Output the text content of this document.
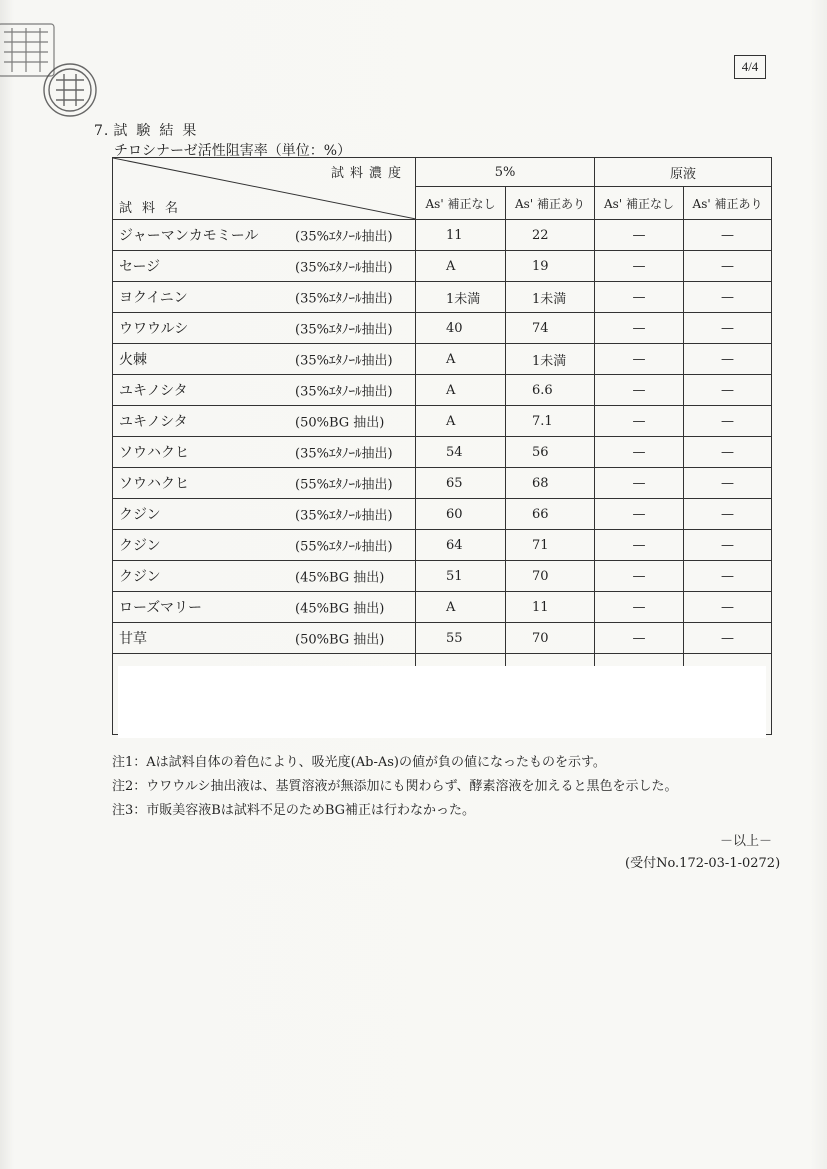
4/4
7. 試験結果
チロシナーゼ活性阻害率（単位：%）
試料濃度
試料名	5%		原液	
	As' 補正なし	As' 補正あり	As' 補正なし	As' 補正あり

ジャーマンカモミール (35%ｴﾀﾉｰﾙ抽出)	11	22	—	—

セージ (35%ｴﾀﾉｰﾙ抽出)	A	19	—	—

ヨクイニン (35%ｴﾀﾉｰﾙ抽出)	1未満	1未満	—	—

ウワウルシ (35%ｴﾀﾉｰﾙ抽出)	40	74	—	—

火棘 (35%ｴﾀﾉｰﾙ抽出)	A	1未満	—	—

ユキノシタ (35%ｴﾀﾉｰﾙ抽出)	A	6.6	—	—

ユキノシタ (50%BG 抽出)	A	7.1	—	—

ソウハクヒ (35%ｴﾀﾉｰﾙ抽出)	54	56	—	—

ソウハクヒ (55%ｴﾀﾉｰﾙ抽出)	65	68	—	—

クジン (35%ｴﾀﾉｰﾙ抽出)	60	66	—	—

クジン (55%ｴﾀﾉｰﾙ抽出)	64	71	—	—

クジン (45%BG 抽出)	51	70	—	—

ローズマリー (45%BG 抽出)	A	11	—	—

甘草 (50%BG 抽出)	55	70	—	—

注1：Aは試料自体の着色により、吸光度(Ab-As)の値が負の値になったものを示す。
注2：ウワウルシ抽出液は、基質溶液が無添加にも関わらず、酵素溶液を加えると黒色を示した。
注3：市販美容液Bは試料不足のためBG補正は行わなかった。
－以上－
(受付No.172-03-1-0272)
